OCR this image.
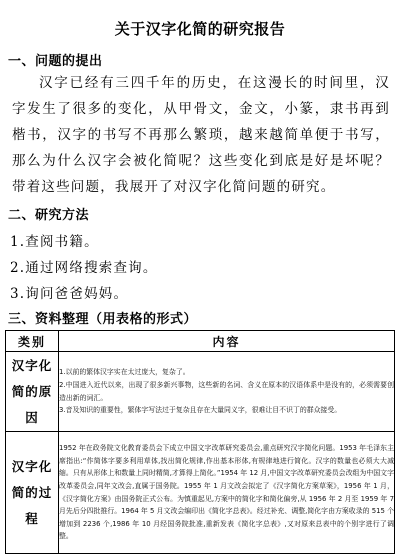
关于汉字化简的研究报告
一、问题的提出
汉字已经有三四千年的历史，在这漫长的时间里，汉字发生了很多的变化，从甲骨文，金文，小篆，隶书再到楷书，汉字的书写不再那么繁琐，越来越简单便于书写，那么为什么汉字会被化简呢？这些变化到底是好是坏呢？带着这些问题，我展开了对汉字化简问题的研究。
二、研究方法
1.查阅书籍。
2.通过网络搜索查询。
3.询问爸爸妈妈。
三、资料整理（用表格的形式）
类别	内容
汉字化简的原因	1.以前的繁体汉字实在太过庞大，复杂了。
2.中国进入近代以来，出现了很多新兴事物，这些新的名词、含义在原本的汉语体系中是没有的，必须需要创造出新的词汇。
3.音及知识的重要性，繁体字写法过于复杂且存在大量同义字，很难让目不识丁的群众接受。

汉字化简的过程	1952 年在政务院文化教育委员会下成立中国文字改革研究委员会,重点研究汉字简化问题。1953 年毛泽东主席指出:“作简体字要多利用草体,找出简化规律,作出基本形体,有规律地进行简化。汉字的数量也必须大大减缩。只有从形体上和数量上同时精简,才算得上简化。”1954 年 12 月,中国文字改革研究委员会改组为中国文字改革委员会,同年文改会,直属于国务院。1955 年 1 月文改会拟定了《汉字简化方案草案》，1956 年 1 月，《汉字简化方案》由国务院正式公布。为慎重起见,方案中的简化字和简化偏旁,从 1956 年 2 月至 1959 年 7 月先后分四批推行。1964 年 5 月文改会编印出《简化字总表》。经过补充、调整,简化字由方案收录的 515 个增加到 2236 个,1986 年 10 月经国务院批准,重新发表《简化字总表》,又对原来总表中的个别字进行了调整。
